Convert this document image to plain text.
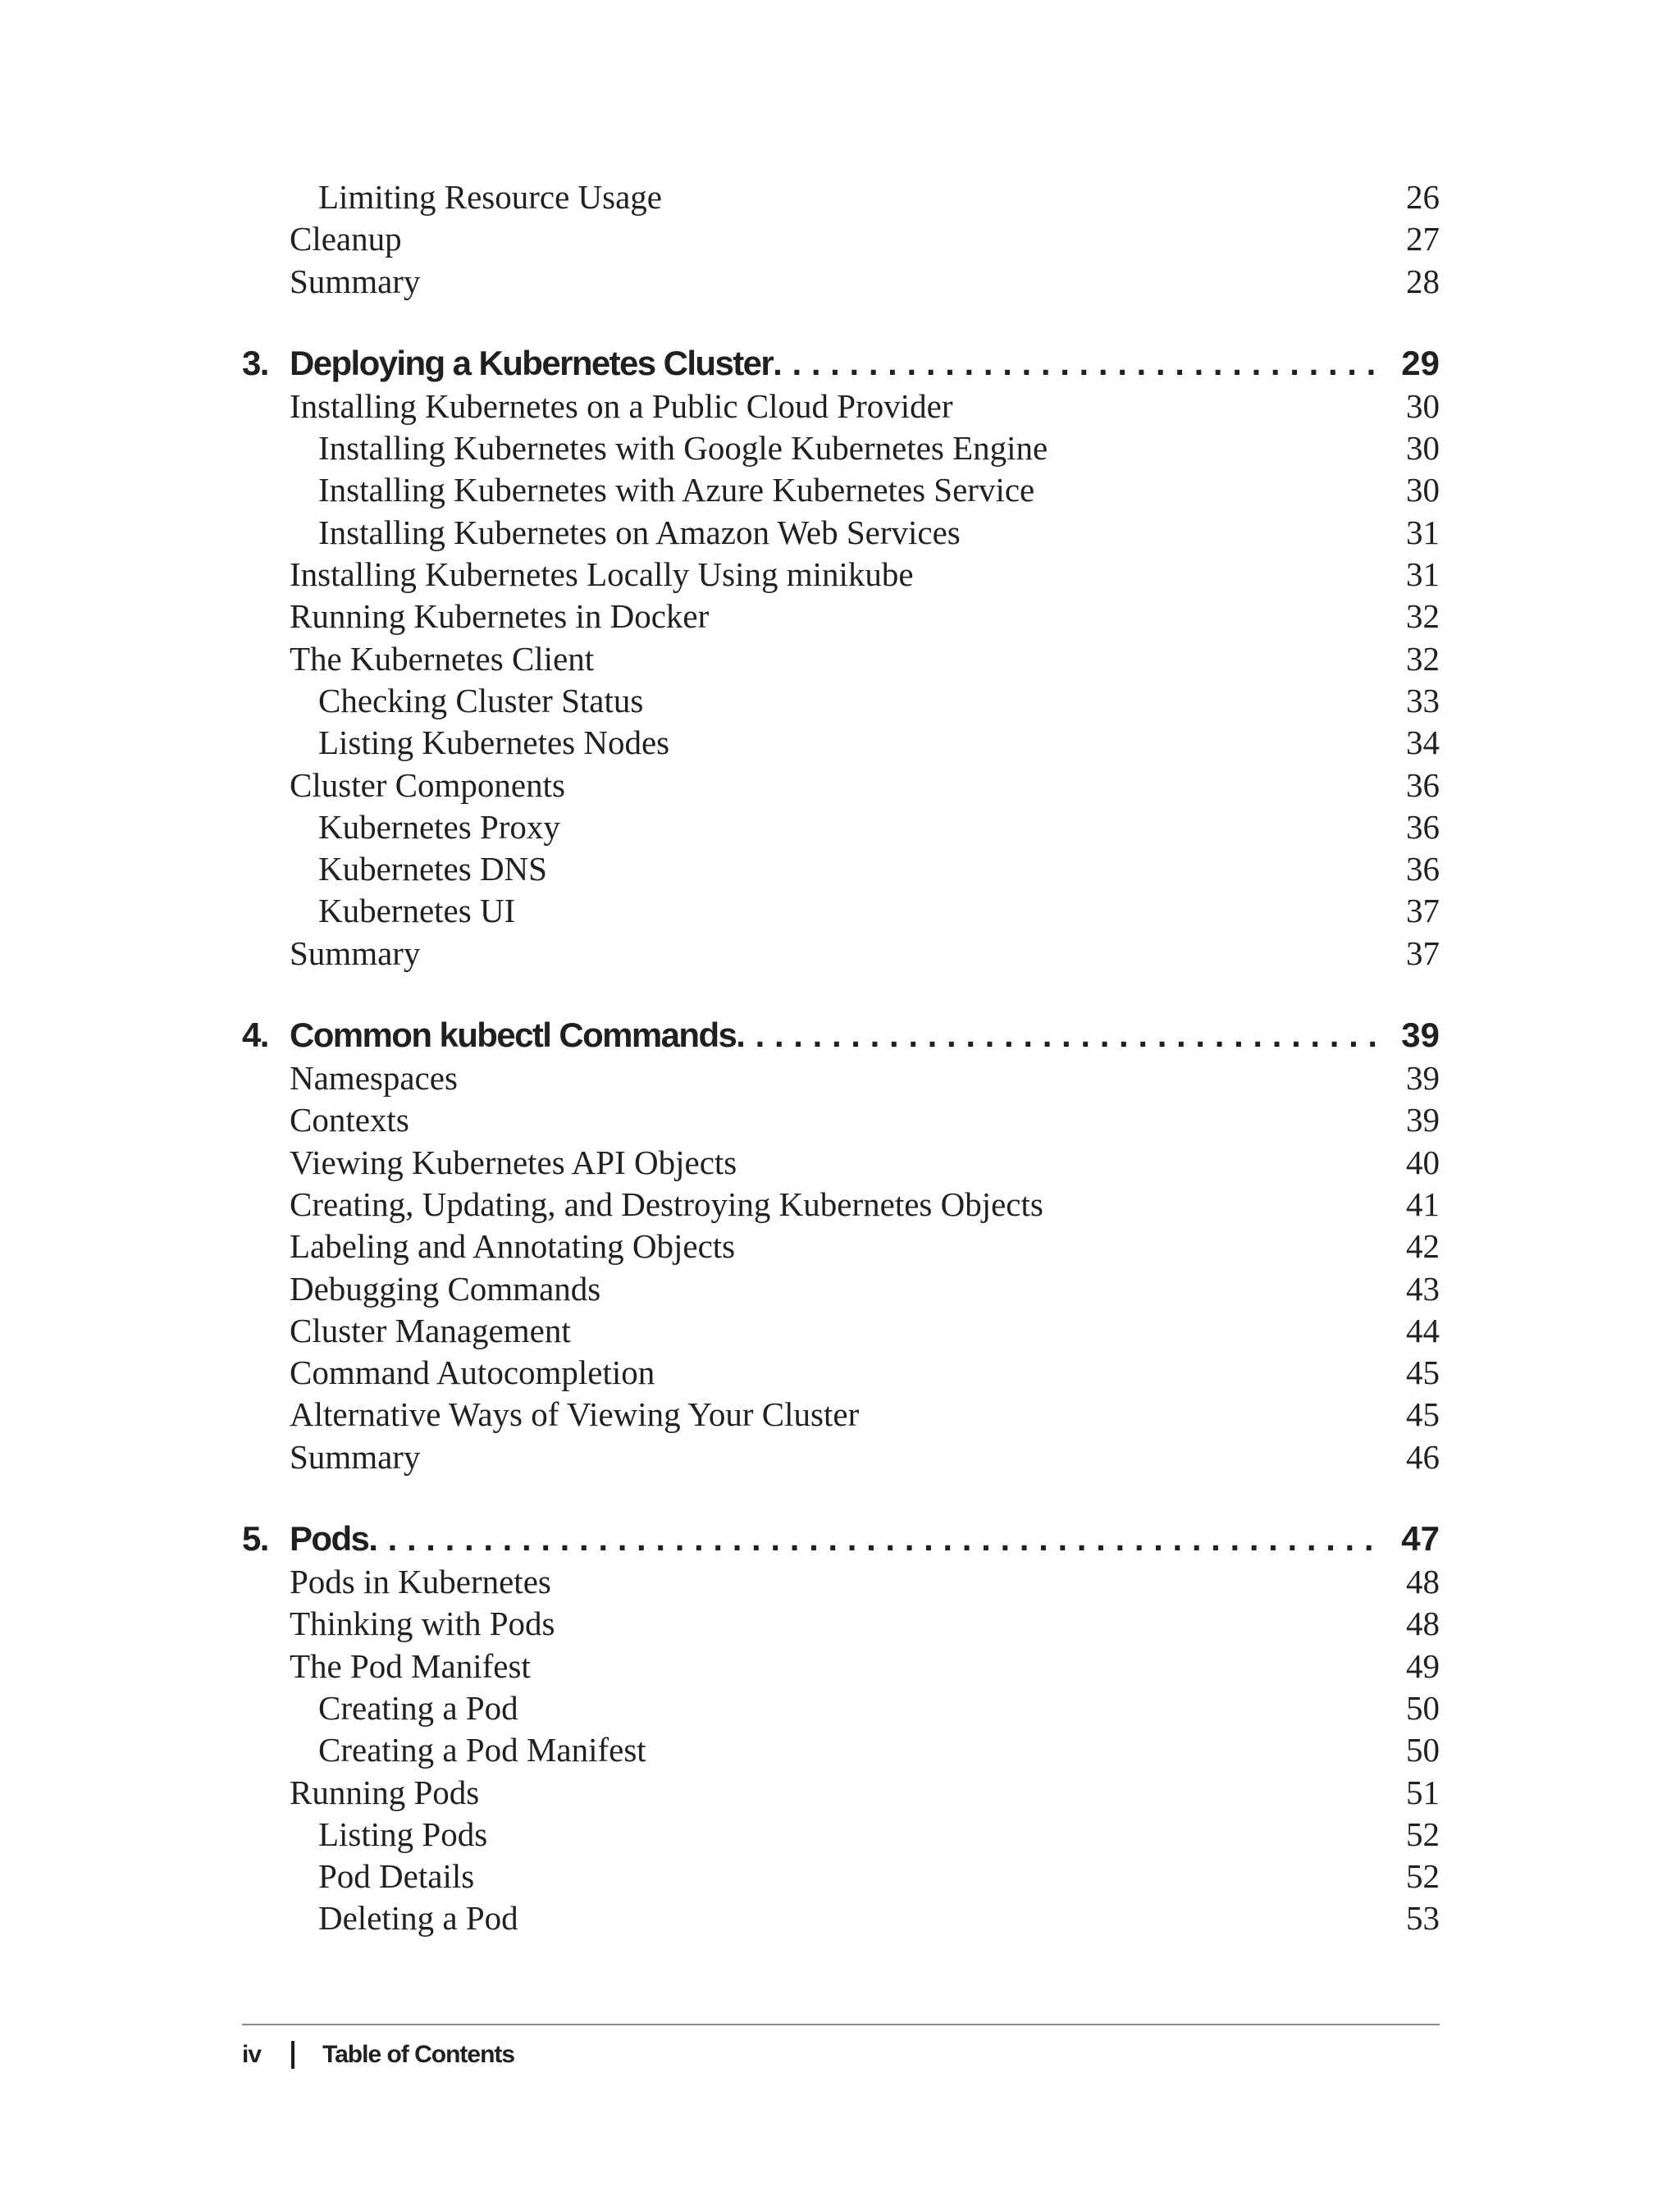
Limiting Resource Usage	26
Cleanup	27
Summary	28
3. Deploying a Kubernetes Cluster . . .	29
Installing Kubernetes on a Public Cloud Provider	30
Installing Kubernetes with Google Kubernetes Engine	30
Installing Kubernetes with Azure Kubernetes Service	30
Installing Kubernetes on Amazon Web Services	31
Installing Kubernetes Locally Using minikube	31
Running Kubernetes in Docker	32
The Kubernetes Client	32
Checking Cluster Status	33
Listing Kubernetes Nodes	34
Cluster Components	36
Kubernetes Proxy	36
Kubernetes DNS	36
Kubernetes UI	37
Summary	37
4. Common kubectl Commands . . .	39
Namespaces	39
Contexts	39
Viewing Kubernetes API Objects	40
Creating, Updating, and Destroying Kubernetes Objects	41
Labeling and Annotating Objects	42
Debugging Commands	43
Cluster Management	44
Command Autocompletion	45
Alternative Ways of Viewing Your Cluster	45
Summary	46
5. Pods . . .	47
Pods in Kubernetes	48
Thinking with Pods	48
The Pod Manifest	49
Creating a Pod	50
Creating a Pod Manifest	50
Running Pods	51
Listing Pods	52
Pod Details	52
Deleting a Pod	53
iv Table of Contents
